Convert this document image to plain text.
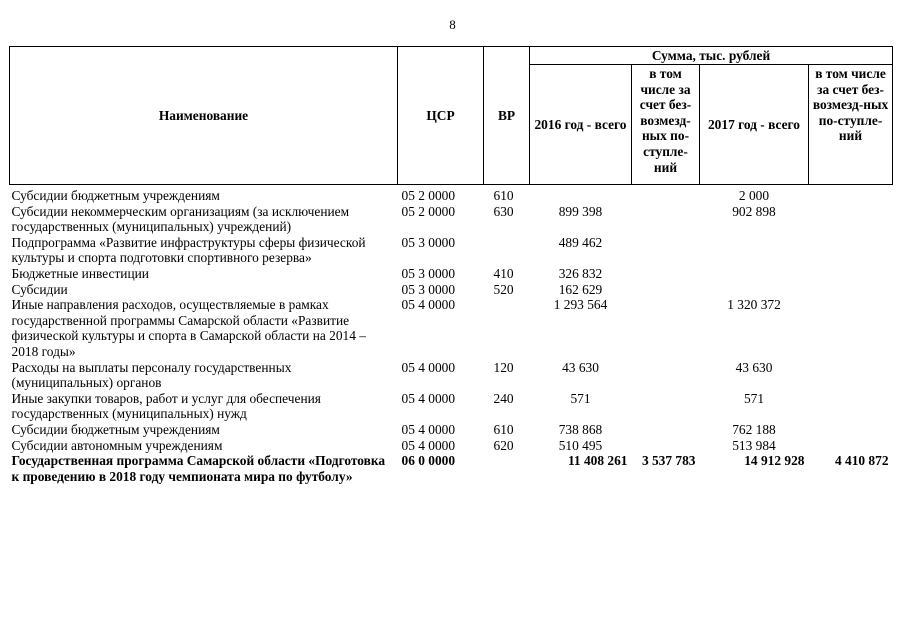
8
Наименование	ЦСР	ВР	Сумма, тыс. рублей			
			2016 год - всего	в том числе за счет без-возмезд-ных по-ступле-ний	2017 год - всего	в том числе за счет без-возмезд-ных по-ступле-ний
Субсидии бюджетным учреждениям	05 2 0000	610			2 000	
Субсидии некоммерческим организациям (за исключением государственных (муниципальных) учреждений)	05 2 0000	630	899 398		902 898	
Подпрограмма «Развитие инфраструктуры сферы физической культуры и спорта подготовки спортивного резерва»	05 3 0000		489 462			
Бюджетные инвестиции	05 3 0000	410	326 832			
Субсидии	05 3 0000	520	162 629			
Иные направления расходов, осуществляемые в рамках государственной программы Самарской области «Развитие физической культуры и спорта в Самарской области на 2014 – 2018 годы»	05 4 0000		1 293 564		1 320 372	
Расходы на выплаты персоналу государственных (муниципальных) органов	05 4 0000	120	43 630		43 630	
Иные закупки товаров, работ и услуг для обеспечения государственных (муниципальных) нужд	05 4 0000	240	571		571	
Субсидии бюджетным учреждениям	05 4 0000	610	738 868		762 188	
Субсидии автономным учреждениям	05 4 0000	620	510 495		513 984	
Государственная программа Самарской области «Подготовка к проведению в 2018 году чемпионата мира по футболу»	06 0 0000		11 408 261	3 537 783	14 912 928	4 410 872
